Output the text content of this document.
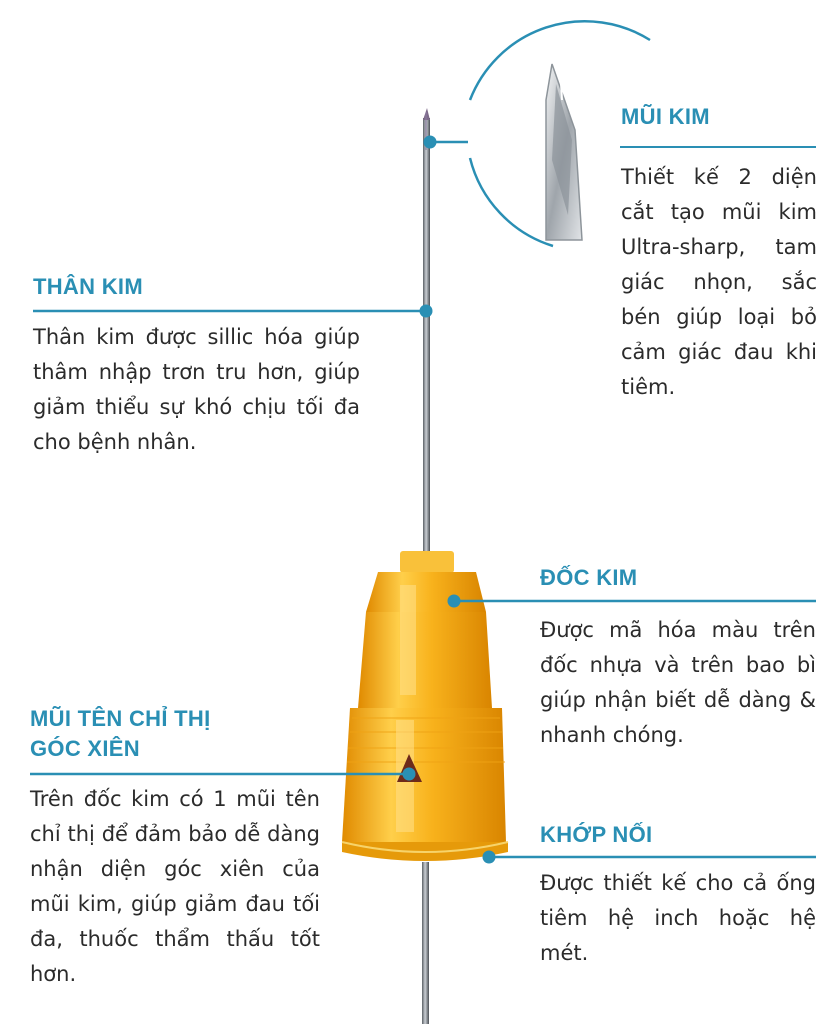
MŨI KIM

Thiết kế 2 diện cắt tạo mũi kim Ultra-sharp, tam giác nhọn, sắc bén giúp loại bỏ cảm giác đau khi tiêm.

THÂN KIM

Thân kim được sillic hóa giúp thâm nhập trơn tru hơn, giúp giảm thiểu sự khó chịu tối đa cho bệnh nhân.

ĐỐC KIM

Được mã hóa màu trên đốc nhựa và trên bao bì giúp nhận biết dễ dàng & nhanh chóng.

MŨI TÊN CHỈ THỊ
GÓC XIÊN

Trên đốc kim có 1 mũi tên chỉ thị để đảm bảo dễ dàng nhận diện góc xiên của mũi kim, giúp giảm đau tối đa, thuốc thẩm thấu tốt hơn.

KHỚP NỐI

Được thiết kế cho cả ống tiêm hệ inch hoặc hệ mét.
